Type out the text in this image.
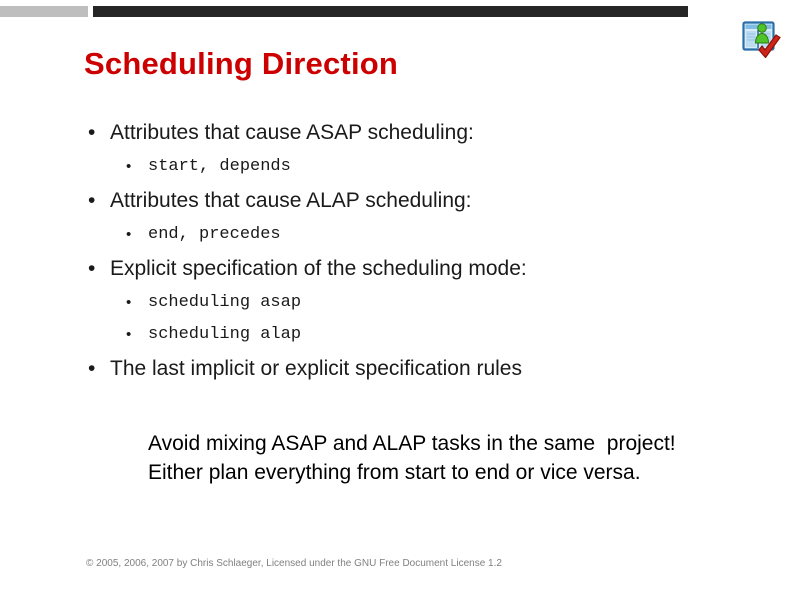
Scheduling Direction
• Attributes that cause ASAP scheduling:
• start, depends
• Attributes that cause ALAP scheduling:
• end, precedes
• Explicit specification of the scheduling mode:
• scheduling asap
• scheduling alap
• The last implicit or explicit specification rules
Avoid mixing ASAP and ALAP tasks in the same  project! Either plan everything from start to end or vice versa.
© 2005, 2006, 2007 by Chris Schlaeger, Licensed under the GNU Free Document License 1.2
